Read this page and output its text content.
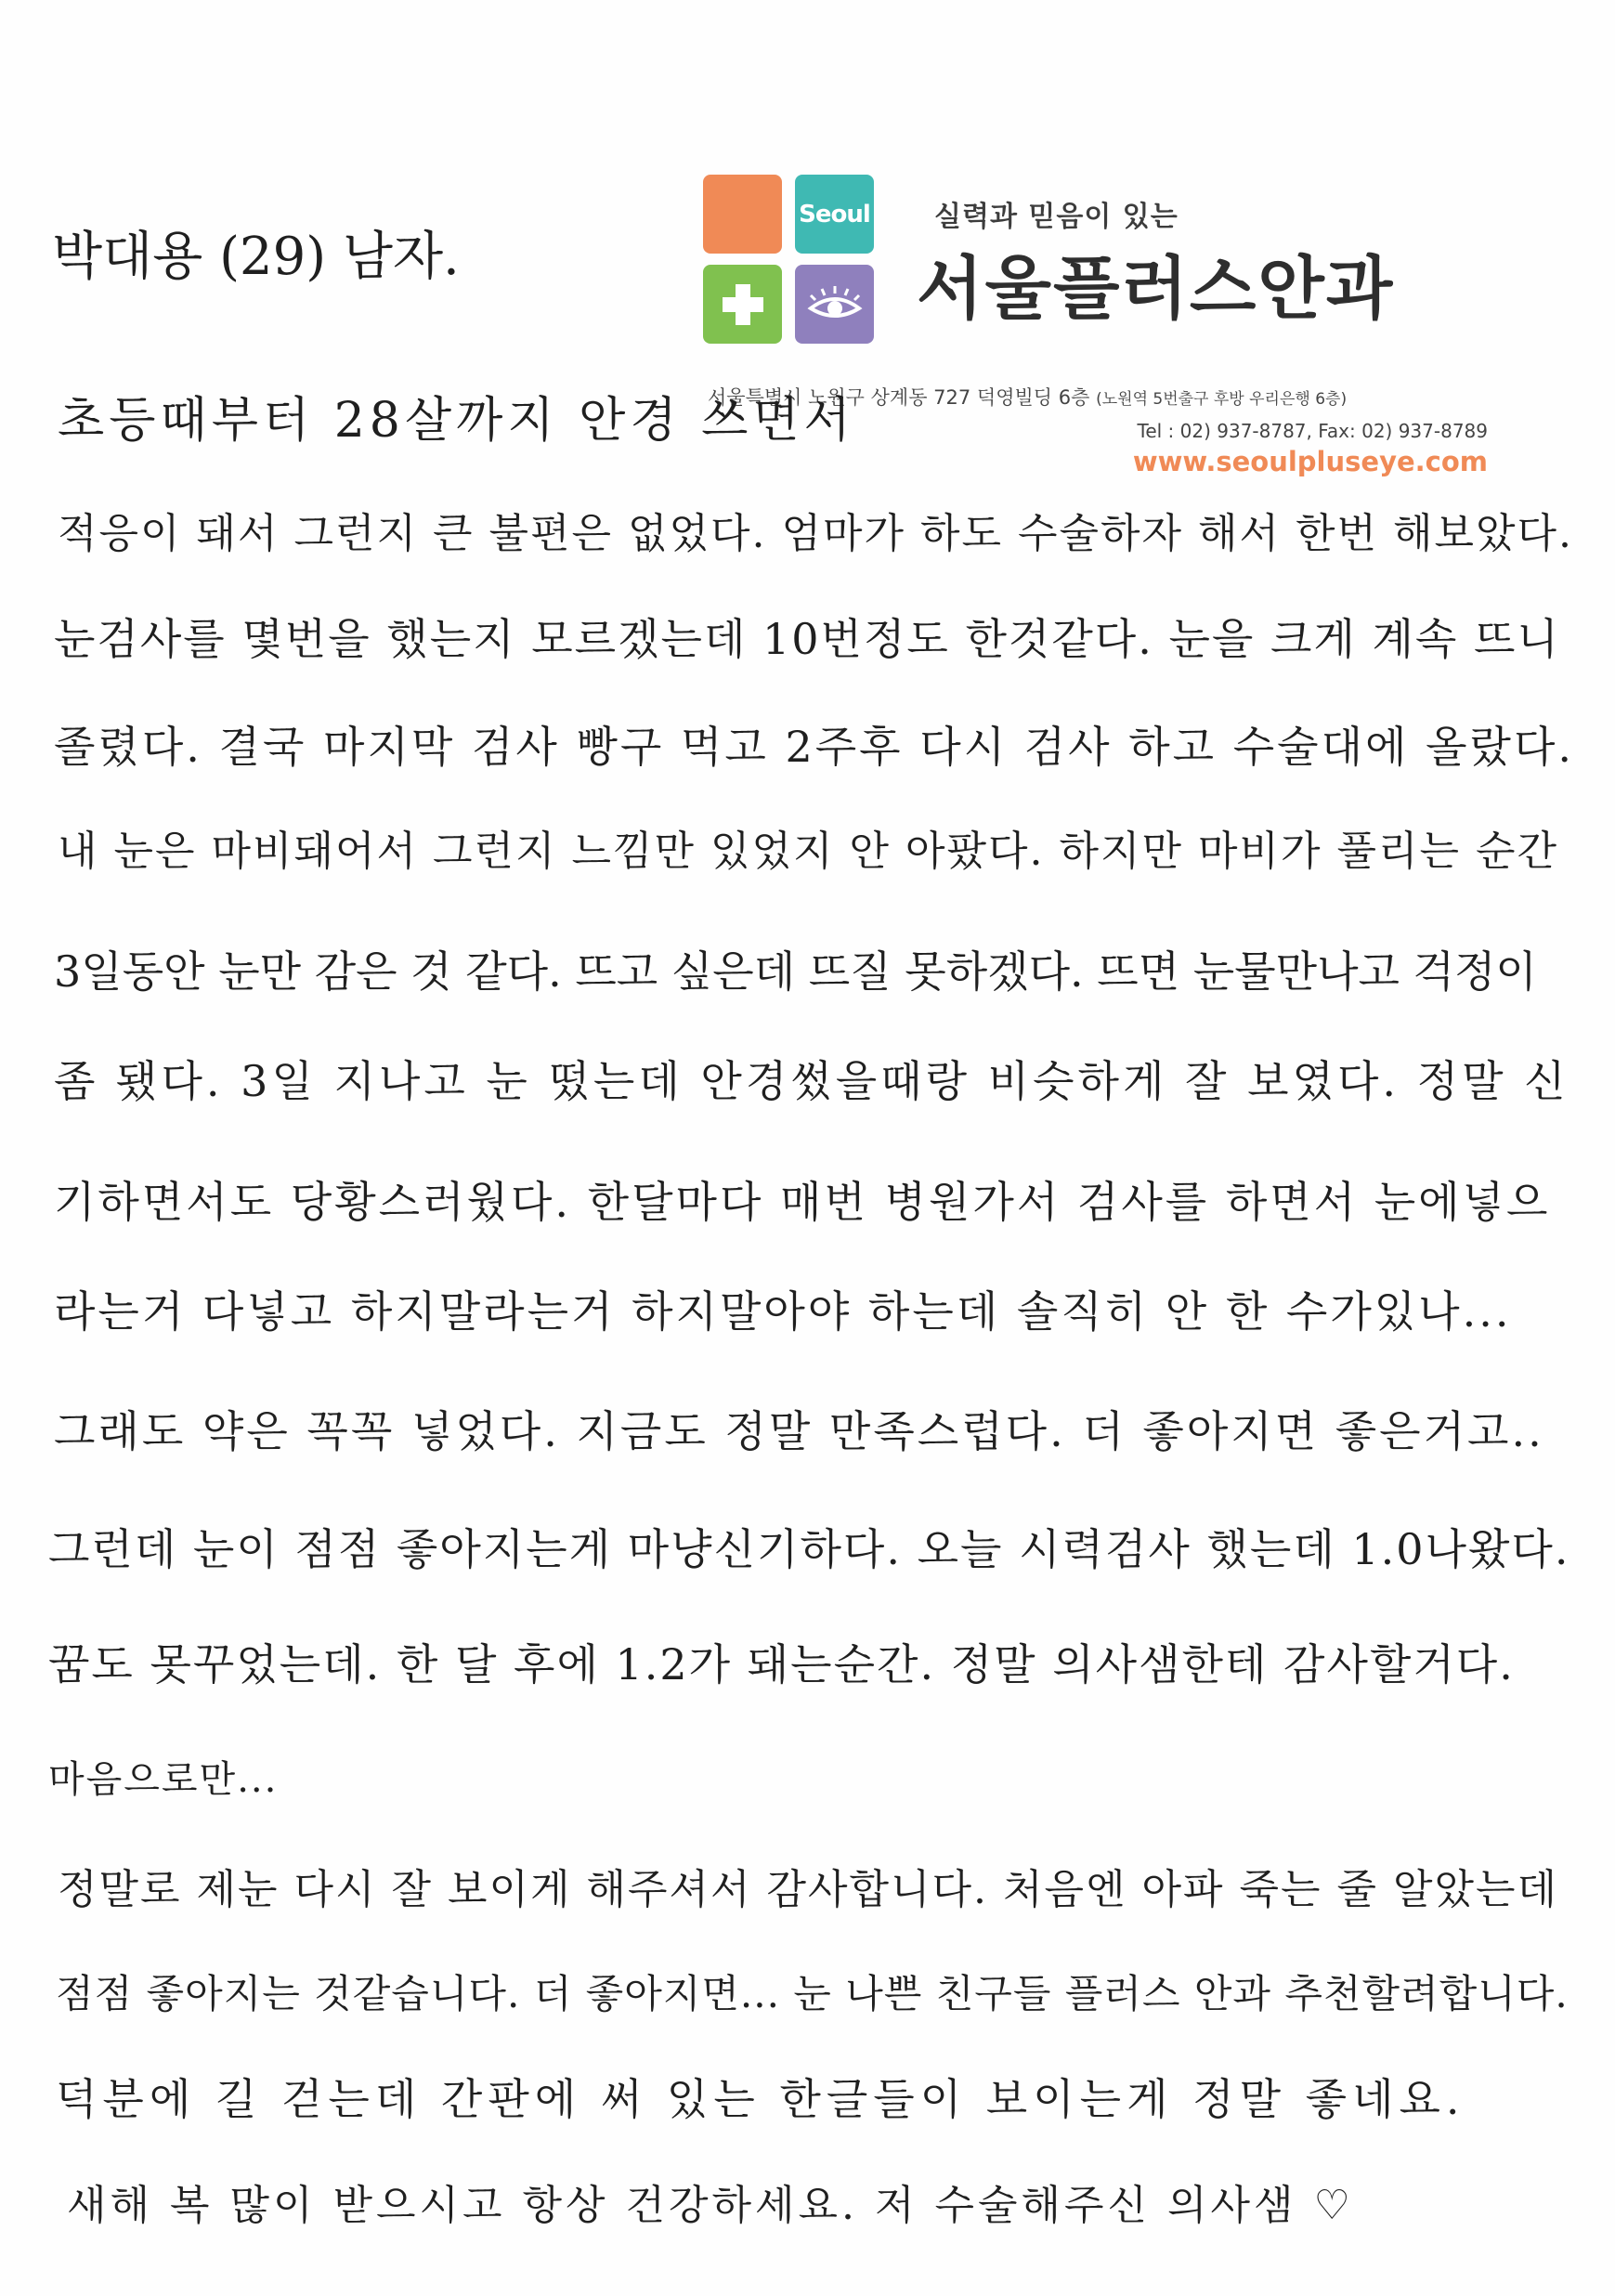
Seoul 실력과 믿음이 있는
서울플러스안과
서울특별시 노원구 상계동 727 덕영빌딩 6층 (노원역 5번출구 후방 우리은행 6층)
Tel : 02) 937-8787, Fax: 02) 937-8789
www.seoulpluseye.com
박대용 (29) 남자.
초등때부터 28살까지 안경 쓰면서
적응이 돼서 그런지 큰 불편은 없었다. 엄마가 하도 수술하자 해서 한번 해보았다.
눈검사를 몇번을 했는지 모르겠는데 10번정도 한것같다. 눈을 크게 계속 뜨니
졸렸다. 결국 마지막 검사 빵구 먹고 2주후 다시 검사 하고 수술대에 올랐다.
내 눈은 마비돼어서 그런지 느낌만 있었지 안 아팠다. 하지만 마비가 풀리는 순간
3일동안 눈만 감은 것 같다. 뜨고 싶은데 뜨질 못하겠다. 뜨면 눈물만나고 걱정이
좀 됐다. 3일 지나고 눈 떴는데 안경썼을때랑 비슷하게 잘 보였다. 정말 신
기하면서도 당황스러웠다. 한달마다 매번 병원가서 검사를 하면서 눈에넣으
라는거 다넣고 하지말라는거 하지말아야 하는데 솔직히 안 한 수가있나...
그래도 약은 꼭꼭 넣었다. 지금도 정말 만족스럽다. 더 좋아지면 좋은거고..
그런데 눈이 점점 좋아지는게 마냥신기하다. 오늘 시력검사 했는데 1.0나왔다.
꿈도 못꾸었는데. 한 달 후에 1.2가 돼는순간. 정말 의사샘한테 감사할거다.
마음으로만...
정말로 제눈 다시 잘 보이게 해주셔서 감사합니다. 처음엔 아파 죽는 줄 알았는데
점점 좋아지는 것같습니다. 더 좋아지면... 눈 나쁜 친구들 플러스 안과 추천할려합니다.
덕분에 길 걷는데 간판에 써 있는 한글들이 보이는게 정말 좋네요.
새해 복 많이 받으시고 항상 건강하세요. 저 수술해주신 의사샘 ♡
